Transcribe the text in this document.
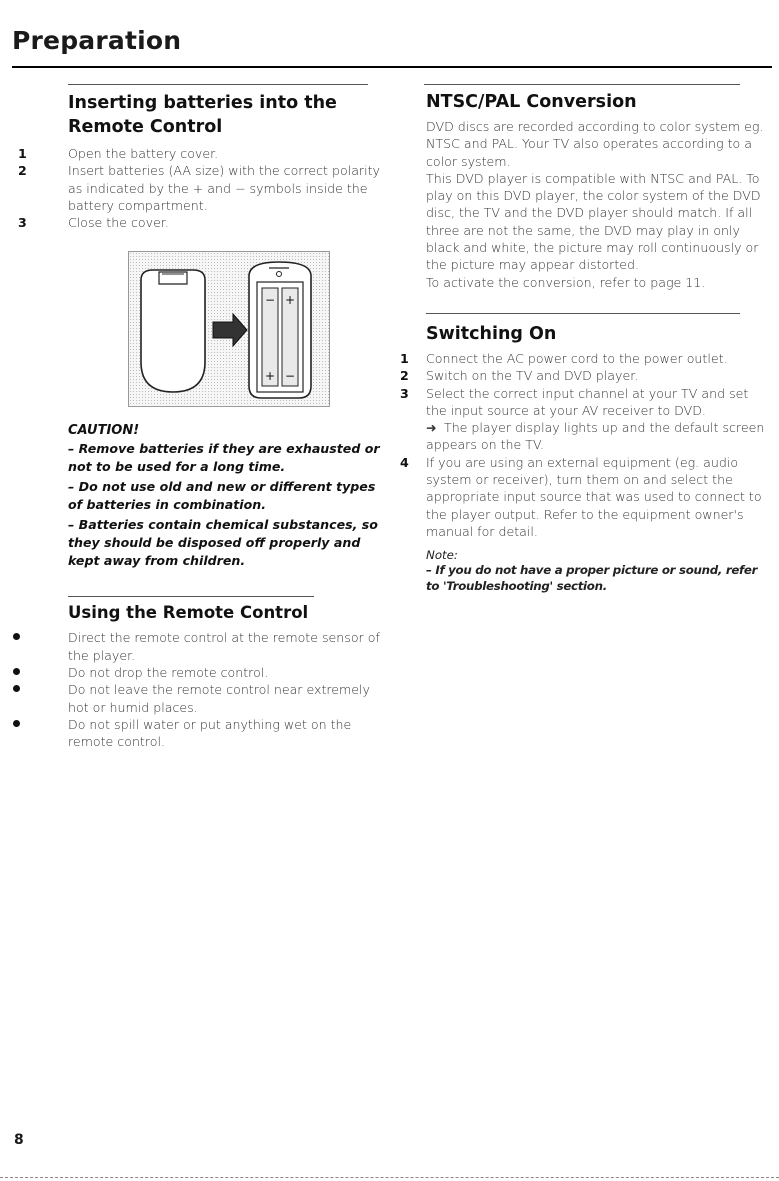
Preparation
Inserting batteries into the
Remote Control
1	Open the battery cover.
2	Insert batteries (AA size) with the correct polarity as indicated by the + and − symbols inside the battery compartment.
3	Close the cover.
− +
+ −
CAUTION!
– Remove batteries if they are exhausted or not to be used for a long time.
– Do not use old and new or different types of batteries in combination.
– Batteries contain chemical substances, so they should be disposed off properly and kept away from children.
Using the Remote Control
Direct the remote control at the remote sensor of the player.
Do not drop the remote control.
Do not leave the remote control near extremely hot or humid places.
Do not spill water or put anything wet on the remote control.
NTSC/PAL Conversion
DVD discs are recorded according to color system eg. NTSC and PAL. Your TV also operates according to a color system.
This DVD player is compatible with NTSC and PAL. To play on this DVD player, the color system of the DVD disc, the TV and the DVD player should match. If all three are not the same, the DVD may play in only black and white, the picture may roll continuously or the picture may appear distorted.
To activate the conversion, refer to page 11.
Switching On
1	Connect the AC power cord to the power outlet.
2	Switch on the TV and DVD player.
3	Select the correct input channel at your TV and set the input source at your AV receiver to DVD.
➜ The player display lights up and the default screen appears on the TV.
4	If you are using an external equipment (eg. audio system or receiver), turn them on and select the appropriate input source that was used to connect to the player output. Refer to the equipment owner's manual for detail.
Note:
– If you do not have a proper picture or sound, refer to 'Troubleshooting' section.
8
